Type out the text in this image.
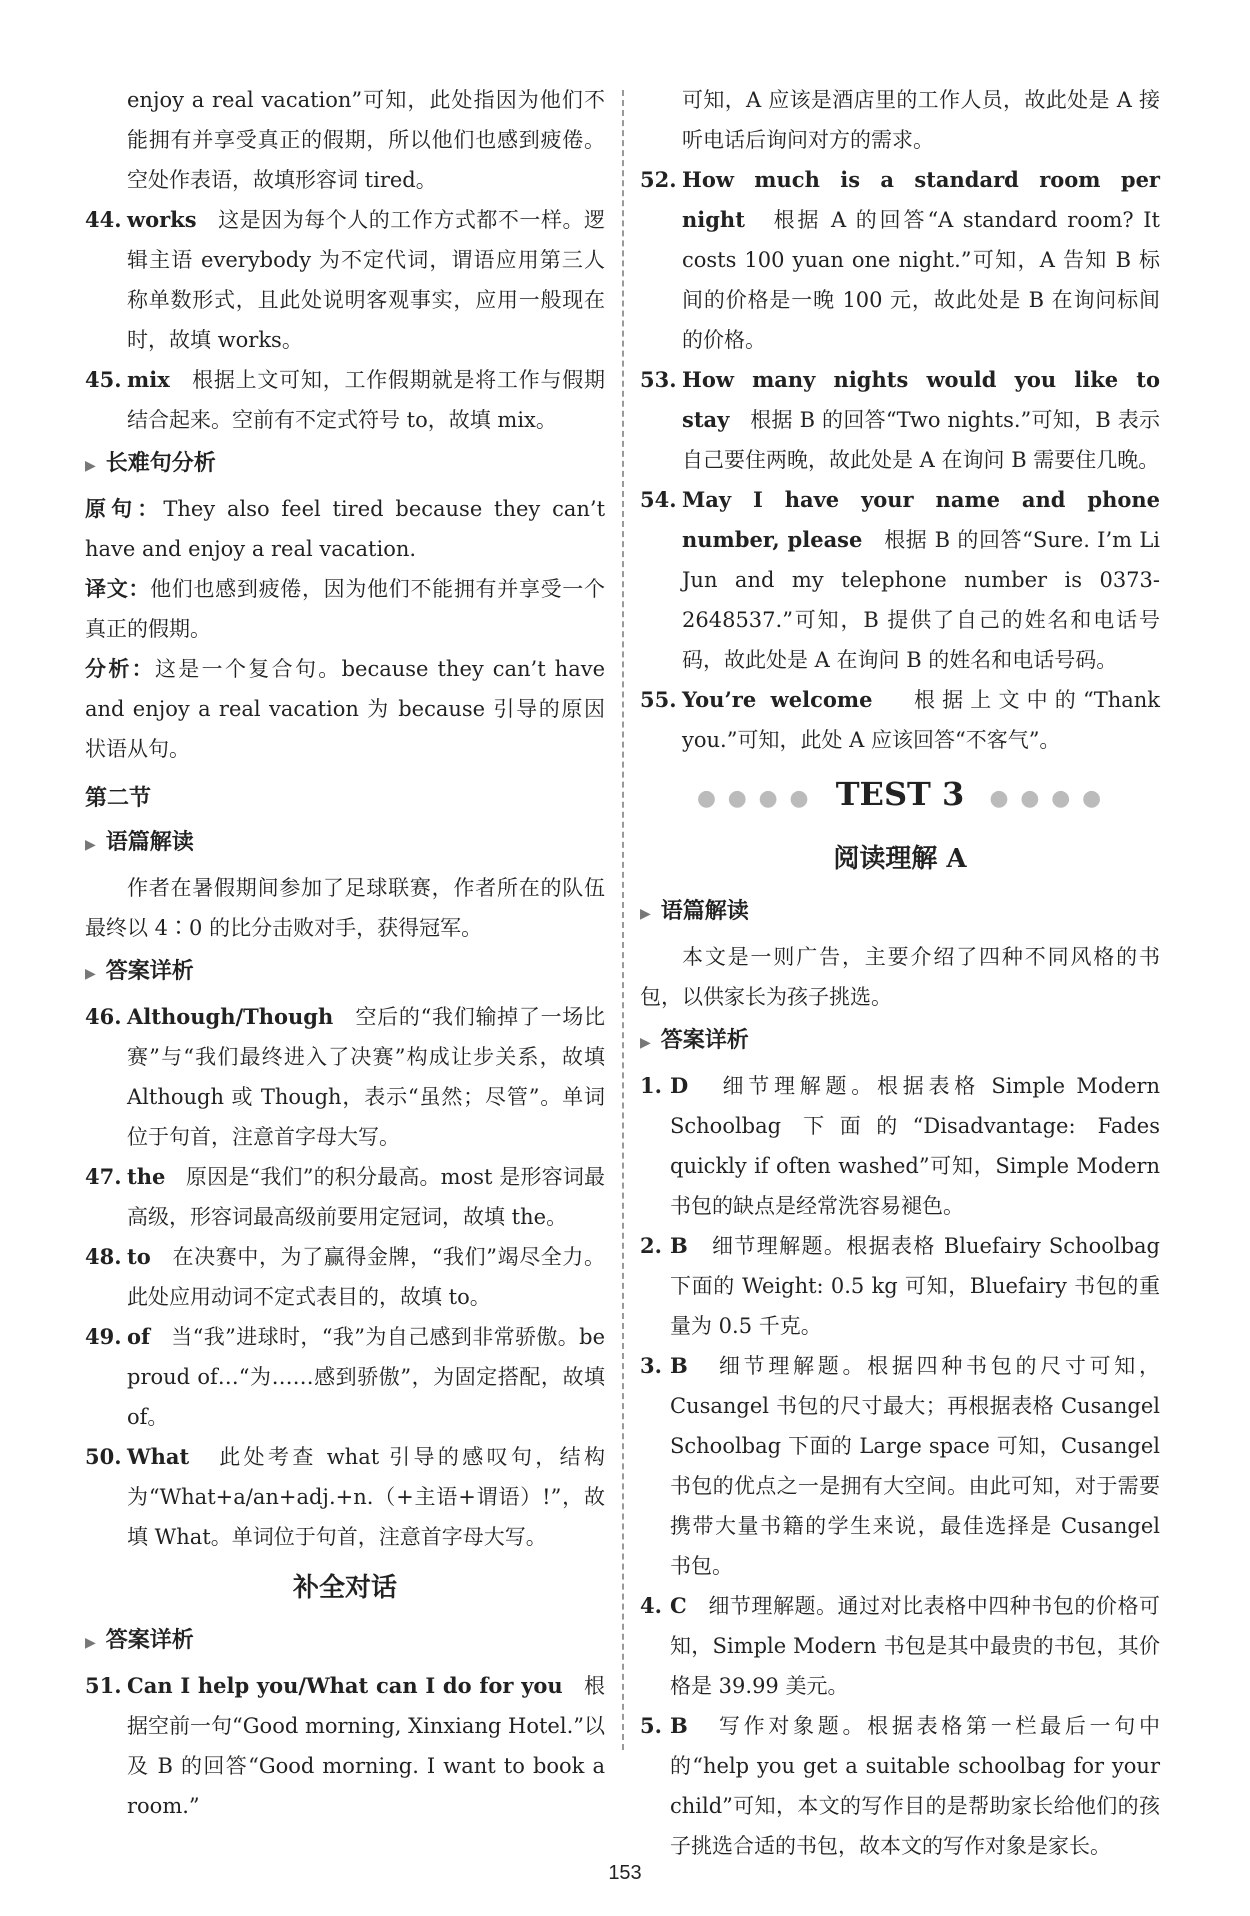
enjoy a real vacation”可知，此处指因为他们不能拥有并享受真正的假期，所以他们也感到疲倦。空处作表语，故填形容词 tired。

44. works 这是因为每个人的工作方式都不一样。逻辑主语 everybody 为不定代词，谓语应用第三人称单数形式，且此处说明客观事实，应用一般现在时，故填 works。
45. mix 根据上文可知，工作假期就是将工作与假期结合起来。空前有不定式符号 to，故填 mix。
▶ 长难句分析

原句：They also feel tired because they can’t have and enjoy a real vacation.

译文：他们也感到疲倦，因为他们不能拥有并享受一个真正的假期。

分析：这是一个复合句。because they can’t have and enjoy a real vacation 为 because 引导的原因状语从句。

第二节
▶ 语篇解读

作者在暑假期间参加了足球联赛，作者所在的队伍最终以 4∶0 的比分击败对手，获得冠军。

▶ 答案详析
46. Although/Though 空后的“我们输掉了一场比赛”与“我们最终进入了决赛”构成让步关系，故填 Although 或 Though，表示“虽然；尽管”。单词位于句首，注意首字母大写。
47. the 原因是“我们”的积分最高。most 是形容词最高级，形容词最高级前要用定冠词，故填 the。
48. to 在决赛中，为了赢得金牌，“我们”竭尽全力。此处应用动词不定式表目的，故填 to。
49. of 当“我”进球时，“我”为自己感到非常骄傲。be proud of…“为……感到骄傲”，为固定搭配，故填 of。
50. What 此处考查 what 引导的感叹句，结构为“What+a/an+adj.+n.（+主语+谓语）!”，故填 What。单词位于句首，注意首字母大写。
补全对话
▶ 答案详析
51. Can I help you/What can I do for you 根据空前一句“Good morning, Xinxiang Hotel.”以及 B 的回答“Good morning. I want to book a room.”

可知，A 应该是酒店里的工作人员，故此处是 A 接听电话后询问对方的需求。

52. How much is a standard room per night 根据 A 的回答“A standard room? It costs 100 yuan one night.”可知，A 告知 B 标间的价格是一晚 100 元，故此处是 B 在询问标间的价格。
53. How many nights would you like to stay 根据 B 的回答“Two nights.”可知，B 表示自己要住两晚，故此处是 A 在询问 B 需要住几晚。
54. May I have your name and phone number, please 根据 B 的回答“Sure. I’m Li Jun and my telephone number is 0373-2648537.”可知，B 提供了自己的姓名和电话号码，故此处是 A 在询问 B 的姓名和电话号码。
55. You’re welcome 根据上文中的“Thank you.”可知，此处 A 应该回答“不客气”。
● ● ● ● TEST 3 ● ● ● ●
阅读理解 A
▶ 语篇解读

本文是一则广告，主要介绍了四种不同风格的书包，以供家长为孩子挑选。

▶ 答案详析
1. D 细节理解题。根据表格 Simple Modern Schoolbag 下面的“Disadvantage: Fades quickly if often washed”可知，Simple Modern 书包的缺点是经常洗容易褪色。
2. B 细节理解题。根据表格 Bluefairy Schoolbag 下面的 Weight: 0.5 kg 可知，Bluefairy 书包的重量为 0.5 千克。
3. B 细节理解题。根据四种书包的尺寸可知，Cusangel 书包的尺寸最大；再根据表格 Cusangel Schoolbag 下面的 Large space 可知，Cusangel 书包的优点之一是拥有大空间。由此可知，对于需要携带大量书籍的学生来说，最佳选择是 Cusangel 书包。
4. C 细节理解题。通过对比表格中四种书包的价格可知，Simple Modern 书包是其中最贵的书包，其价格是 39.99 美元。
5. B 写作对象题。根据表格第一栏最后一句中的“help you get a suitable schoolbag for your child”可知，本文的写作目的是帮助家长给他们的孩子挑选合适的书包，故本文的写作对象是家长。
153
